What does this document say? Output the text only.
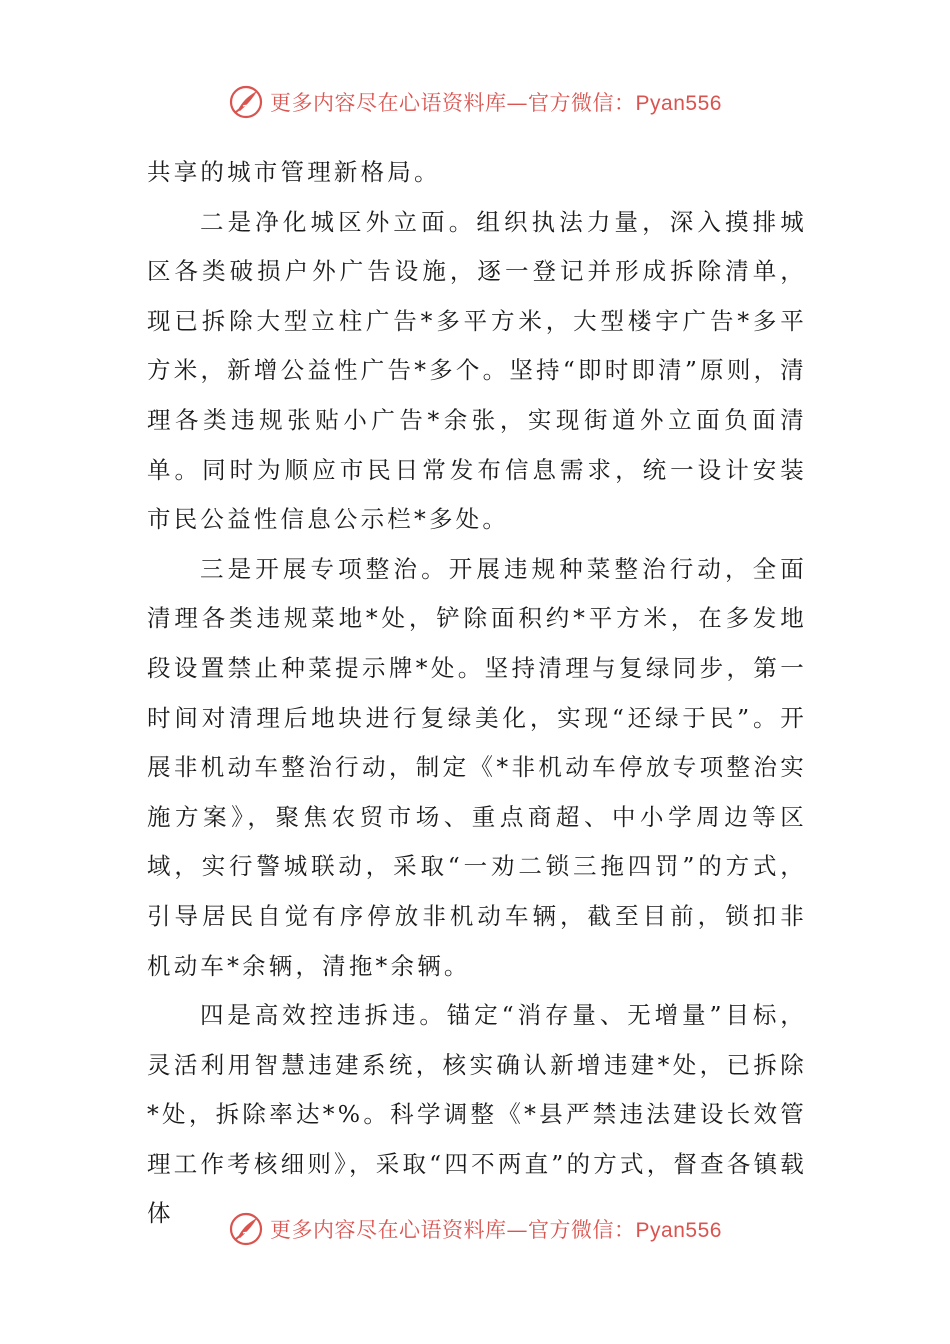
更多内容尽在心语资料库—官方微信：Pyan556

共享的城市管理新格局。

二是净化城区外立面。组织执法力量，深入摸排城区各类破损户外广告设施，逐一登记并形成拆除清单，现已拆除大型立柱广告*多平方米，大型楼宇广告*多平方米，新增公益性广告*多个。坚持“即时即清”原则，清理各类违规张贴小广告*余张，实现街道外立面负面清单。同时为顺应市民日常发布信息需求，统一设计安装市民公益性信息公示栏*多处。

三是开展专项整治。开展违规种菜整治行动，全面清理各类违规菜地*处，铲除面积约*平方米，在多发地段设置禁止种菜提示牌*处。坚持清理与复绿同步，第一时间对清理后地块进行复绿美化，实现“还绿于民”。开展非机动车整治行动，制定《*非机动车停放专项整治实施方案》，聚焦农贸市场、重点商超、中小学周边等区域，实行警城联动，采取“一劝二锁三拖四罚”的方式，引导居民自觉有序停放非机动车辆，截至目前，锁扣非机动车*余辆，清拖*余辆。

四是高效控违拆违。锚定“消存量、无增量”目标，灵活利用智慧违建系统，核实确认新增违建*处，已拆除*处，拆除率达*%。科学调整《*县严禁违法建设长效管理工作考核细则》，采取“四不两直”的方式，督查各镇载体

更多内容尽在心语资料库—官方微信：Pyan556
